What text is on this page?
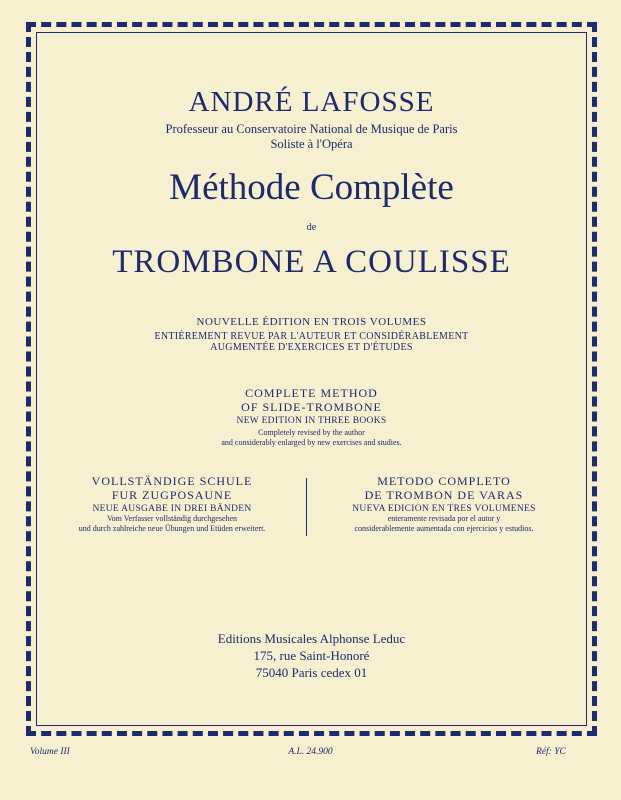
ANDRÉ LAFOSSE
Professeur au Conservatoire National de Musique de Paris
Soliste à l'Opéra
Méthode Complète
de
TROMBONE A COULISSE
NOUVELLE ÉDITION EN TROIS VOLUMES
ENTIÈREMENT REVUE PAR L'AUTEUR ET CONSIDÉRABLEMENT
AUGMENTÉE D'EXERCICES ET D'ÉTUDES
COMPLETE METHOD
OF SLIDE-TROMBONE
NEW EDITION IN THREE BOOKS
Completely revised by the author
and considerably enlarged by new exercises and studies.
VOLLSTÄNDIGE SCHULE
FUR ZUGPOSAUNE
NEUE AUSGABE IN DREI BÄNDEN
Vom Verfasser vollständig durchgesehen
und durch zahlreiche neue Übungen und Etüden erweitert.
METODO COMPLETO
DE TROMBON DE VARAS
NUEVA EDICION EN TRES VOLUMENES
enteramente revisada por el autor y
considerablemente aumentada con ejercicios y estudios.
Editions Musicales Alphonse Leduc
175, rue Saint-Honoré
75040 Paris cedex 01
Volume III	A.L. 24.900	Réf: YC
